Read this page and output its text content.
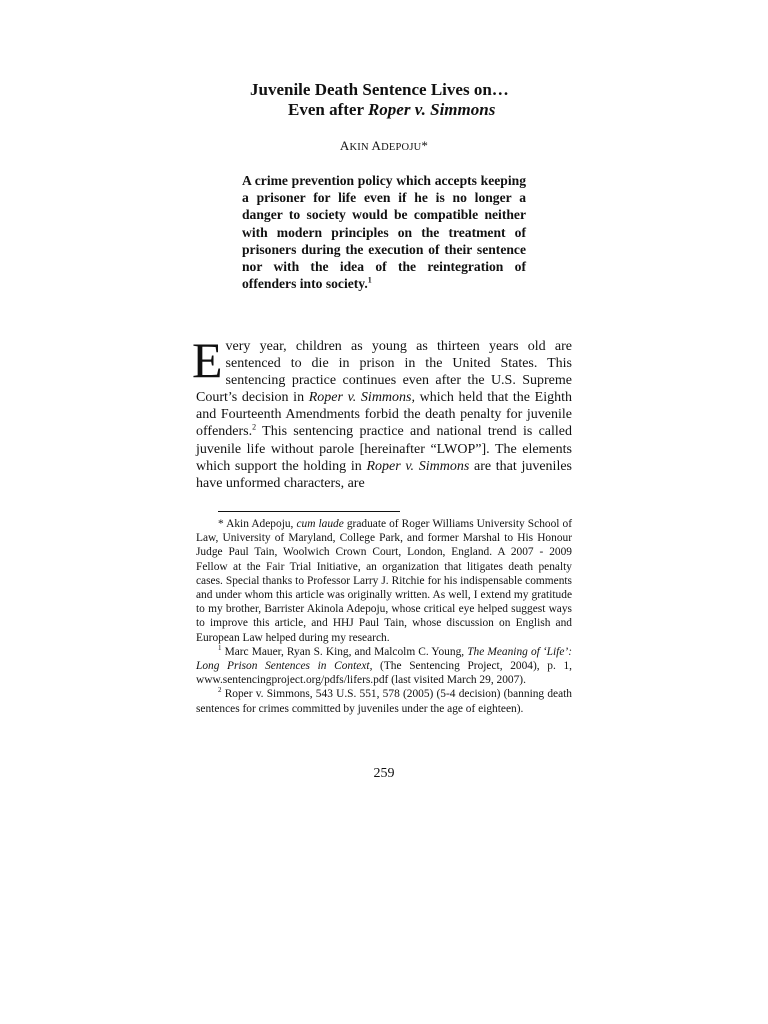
Juvenile Death Sentence Lives on…
Even after Roper v. Simmons
AKIN ADEPOJU*
A crime prevention policy which accepts keeping a prisoner for life even if he is no longer a danger to society would be compatible neither with modern principles on the treatment of prisoners during the execution of their sentence nor with the idea of the reintegration of offenders into society.$^1$
Every year, children as young as thirteen years old are sentenced to die in prison in the United States. This sentencing practice continues even after the U.S. Supreme Court’s decision in Roper v. Simmons, which held that the Eighth and Fourteenth Amendments forbid the death penalty for juvenile offenders.$^2$ This sentencing practice and national trend is called juvenile life without parole [hereinafter “LWOP”]. The elements which support the holding in Roper v. Simmons are that juveniles have unformed characters, are

* Akin Adepoju, cum laude graduate of Roger Williams University School of Law, University of Maryland, College Park, and former Marshal to His Honour Judge Paul Tain, Woolwich Crown Court, London, England. A 2007 - 2009 Fellow at the Fair Trial Initiative, an organization that litigates death penalty cases. Special thanks to Professor Larry J. Ritchie for his indispensable comments and under whom this article was originally written. As well, I extend my gratitude to my brother, Barrister Akinola Adepoju, whose critical eye helped suggest ways to improve this article, and HHJ Paul Tain, whose discussion on English and European Law helped during my research.

$^1$ Marc Mauer, Ryan S. King, and Malcolm C. Young, The Meaning of ‘Life’: Long Prison Sentences in Context, (The Sentencing Project, 2004), p. 1, www.sentencingproject.org/pdfs/lifers.pdf (last visited March 29, 2007).

$^2$ Roper v. Simmons, 543 U.S. 551, 578 (2005) (5-4 decision) (banning death sentences for crimes committed by juveniles under the age of eighteen).

259
